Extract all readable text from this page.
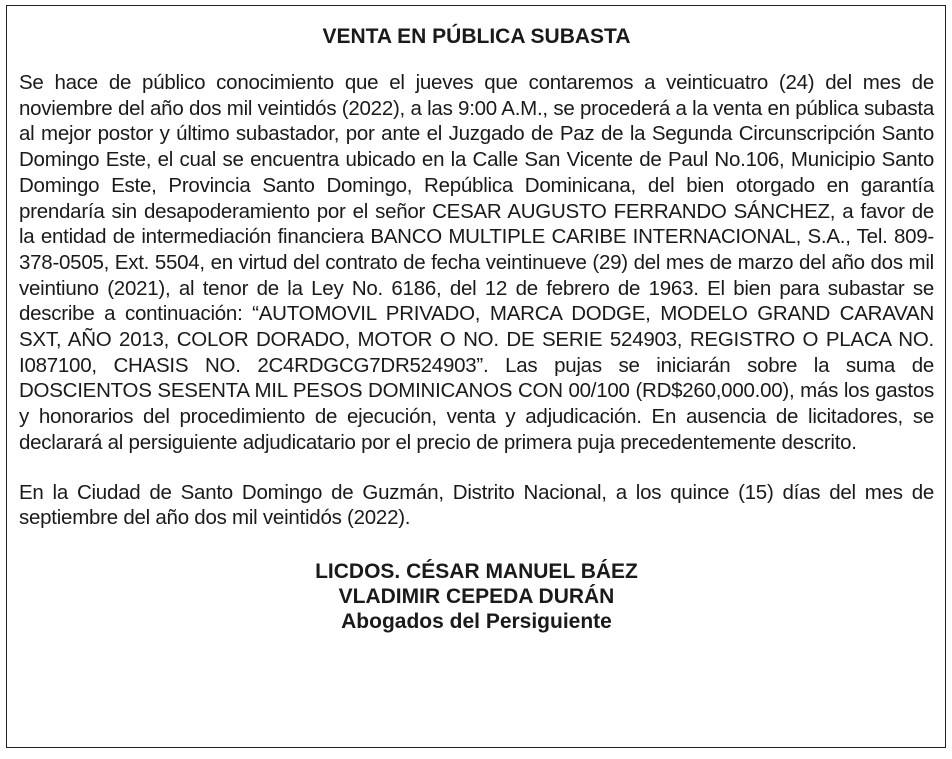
VENTA EN PÚBLICA SUBASTA

Se hace de público conocimiento que el jueves que contaremos a veinticuatro (24) del mes de noviembre del año dos mil veintidós (2022), a las 9:00 A.M., se procederá a la venta en pública subasta al mejor postor y último subastador, por ante el Juzgado de Paz de la Segunda Circunscripción Santo Domingo Este, el cual se encuentra ubicado en la Calle San Vicente de Paul No.106, Municipio Santo Domingo Este, Provincia Santo Domingo, República Dominicana, del bien otorgado en garantía prendaría sin desapoderamiento por el señor CESAR AUGUSTO FERRANDO SÁNCHEZ, a favor de la entidad de intermediación financiera BANCO MULTIPLE CARIBE INTERNACIONAL, S.A., Tel. 809-378-0505, Ext. 5504, en virtud del contrato de fecha veintinueve (29) del mes de marzo del año dos mil veintiuno (2021), al tenor de la Ley No. 6186, del 12 de febrero de 1963. El bien para subastar se describe a continuación: “AUTOMOVIL PRIVADO, MARCA DODGE, MODELO GRAND CARAVAN SXT, AÑO 2013, COLOR DORADO, MOTOR O NO. DE SERIE 524903, REGISTRO O PLACA NO. I087100, CHASIS NO. 2C4RDGCG7DR524903”. Las pujas se iniciarán sobre la suma de DOSCIENTOS SESENTA MIL PESOS DOMINICANOS CON 00/100 (RD$260,000.00), más los gastos y honorarios del procedimiento de ejecución, venta y adjudicación. En ausencia de licitadores, se declarará al persiguiente adjudicatario por el precio de primera puja precedentemente descrito.

En la Ciudad de Santo Domingo de Guzmán, Distrito Nacional, a los quince (15) días del mes de septiembre del año dos mil veintidós (2022).

LICDOS. CÉSAR MANUEL BÁEZ
VLADIMIR CEPEDA DURÁN
Abogados del Persiguiente
